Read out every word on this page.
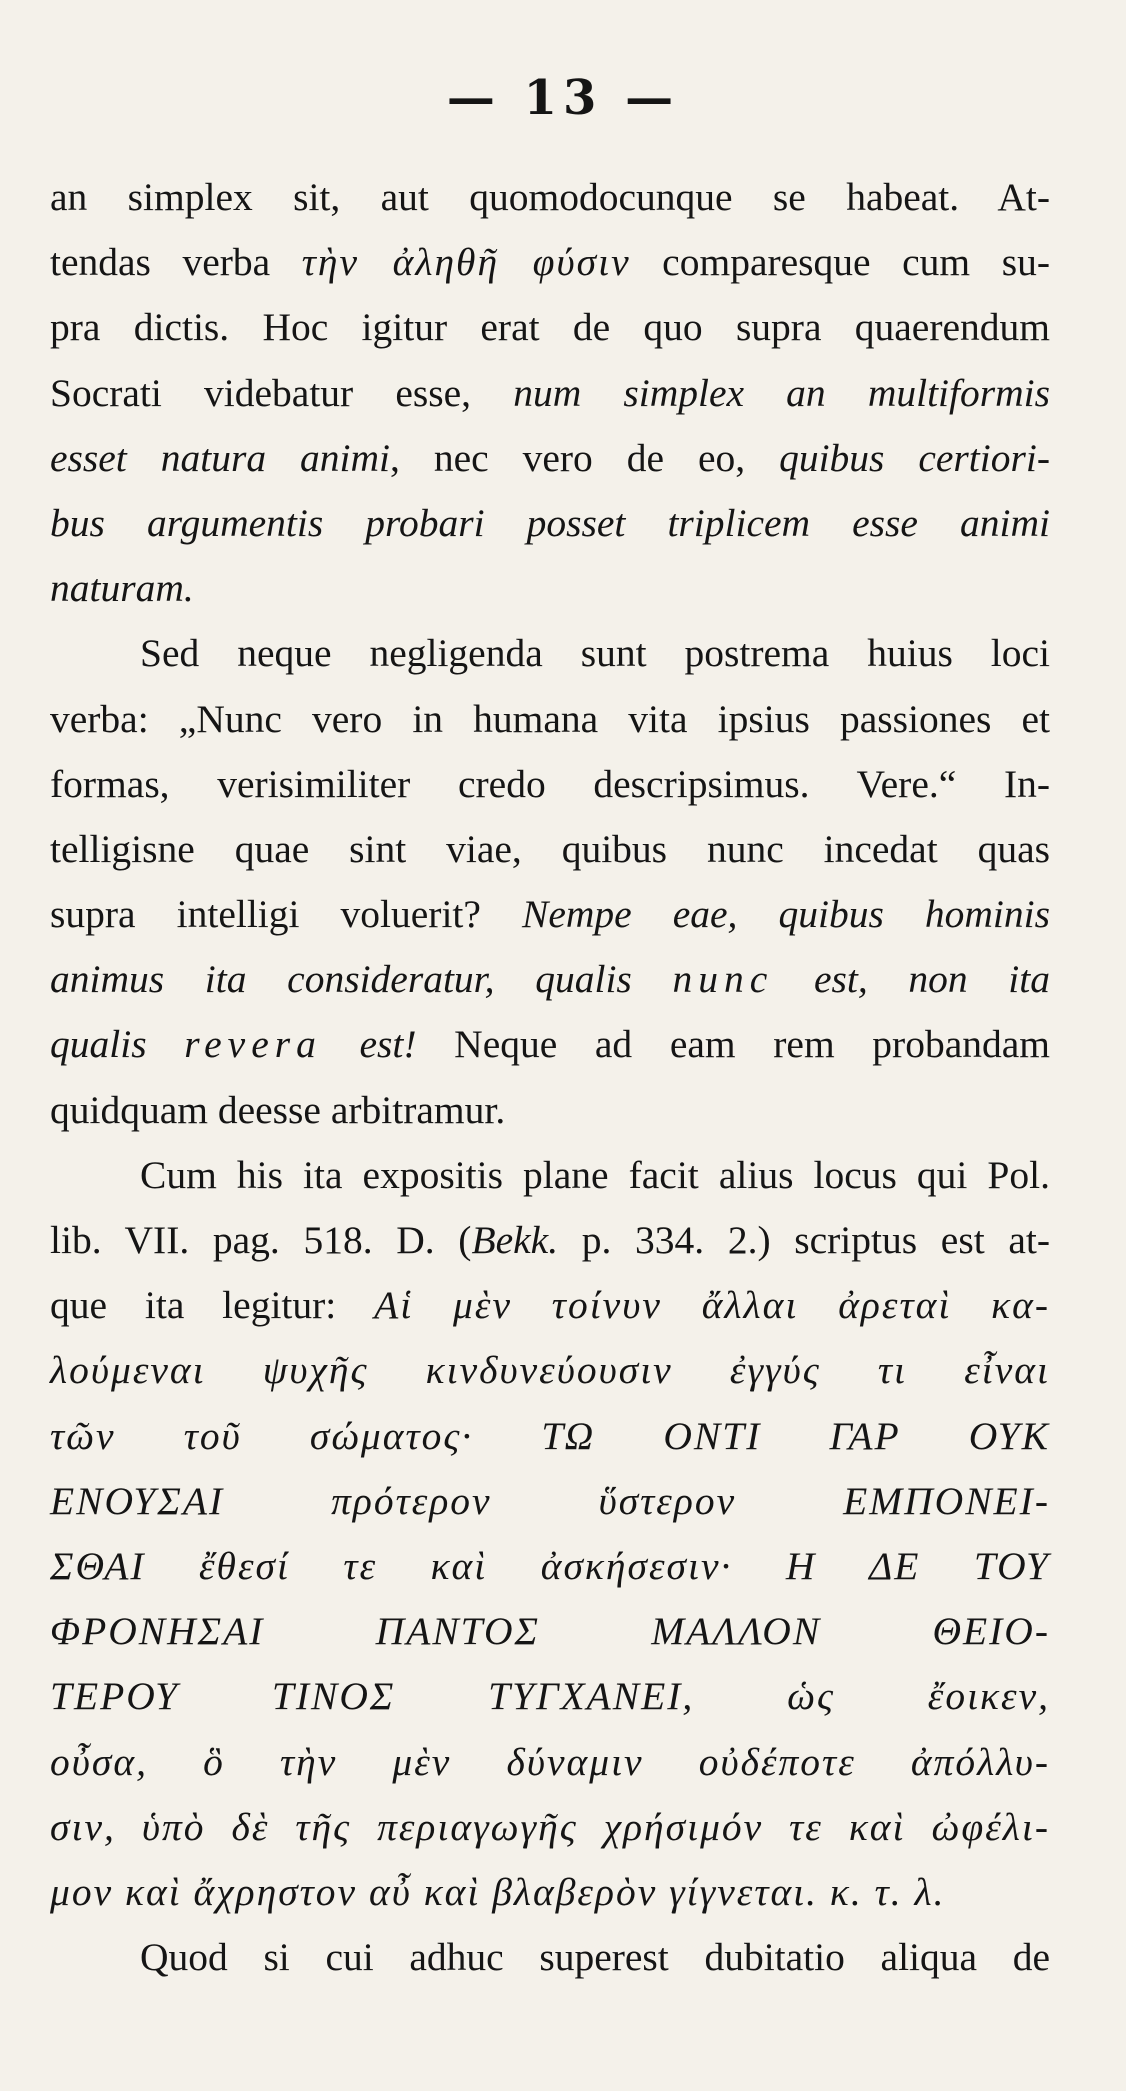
— 13 —
an simplex sit, aut quomodocunque se habeat. At-
tendas verba τὴν ἀληθῆ φύσιν comparesque cum su-
pra dictis. Hoc igitur erat de quo supra quaerendum
Socrati videbatur esse, num simplex an multiformis
esset natura animi, nec vero de eo, quibus certiori-
bus argumentis probari posset triplicem esse animi
naturam.
Sed neque negligenda sunt postrema huius loci
verba: „Nunc vero in humana vita ipsius passiones et
formas, verisimiliter credo descripsimus. Vere.“ In-
telligisne quae sint viae, quibus nunc incedat quas
supra intelligi voluerit? Nempe eae, quibus hominis
animus ita consideratur, qualis nunc est, non ita
qualis revera est! Neque ad eam rem probandam
quidquam deesse arbitramur.
Cum his ita expositis plane facit alius locus qui Pol.
lib. VII. pag. 518. D. (Bekk. p. 334. 2.) scriptus est at-
que ita legitur: Αἱ μὲν τοίνυν ἄλλαι ἀρεταὶ κα-
λούμεναι ψυχῆς κινδυνεύουσιν ἐγγύς τι εἶναι
τῶν τοῦ σώματος· ΤΩ ΟΝΤΙ ΓΑΡ ΟΥΚ
ΕΝΟΥΣΑΙ πρότερον ὕστερον ΕΜΠΟΝΕΙ-
ΣΘΑΙ ἔθεσί τε καὶ ἀσκήσεσιν· Η ΔΕ ΤΟΥ
ΦΡΟΝΗΣΑΙ ΠΑΝΤΟΣ ΜΑΛΛΟΝ ΘΕΙΟ-
ΤΕΡΟΥ ΤΙΝΟΣ ΤΥΓΧΑΝΕΙ, ὡς ἔοικεν,
οὖσα, ὃ τὴν μὲν δύναμιν οὐδέποτε ἀπόλλυ-
σιν, ὑπὸ δὲ τῆς περιαγωγῆς χρήσιμόν τε καὶ ὠφέλι-
μον καὶ ἄχρηστον αὖ καὶ βλαβερὸν γίγνεται. κ. τ. λ.
Quod si cui adhuc superest dubitatio aliqua de
